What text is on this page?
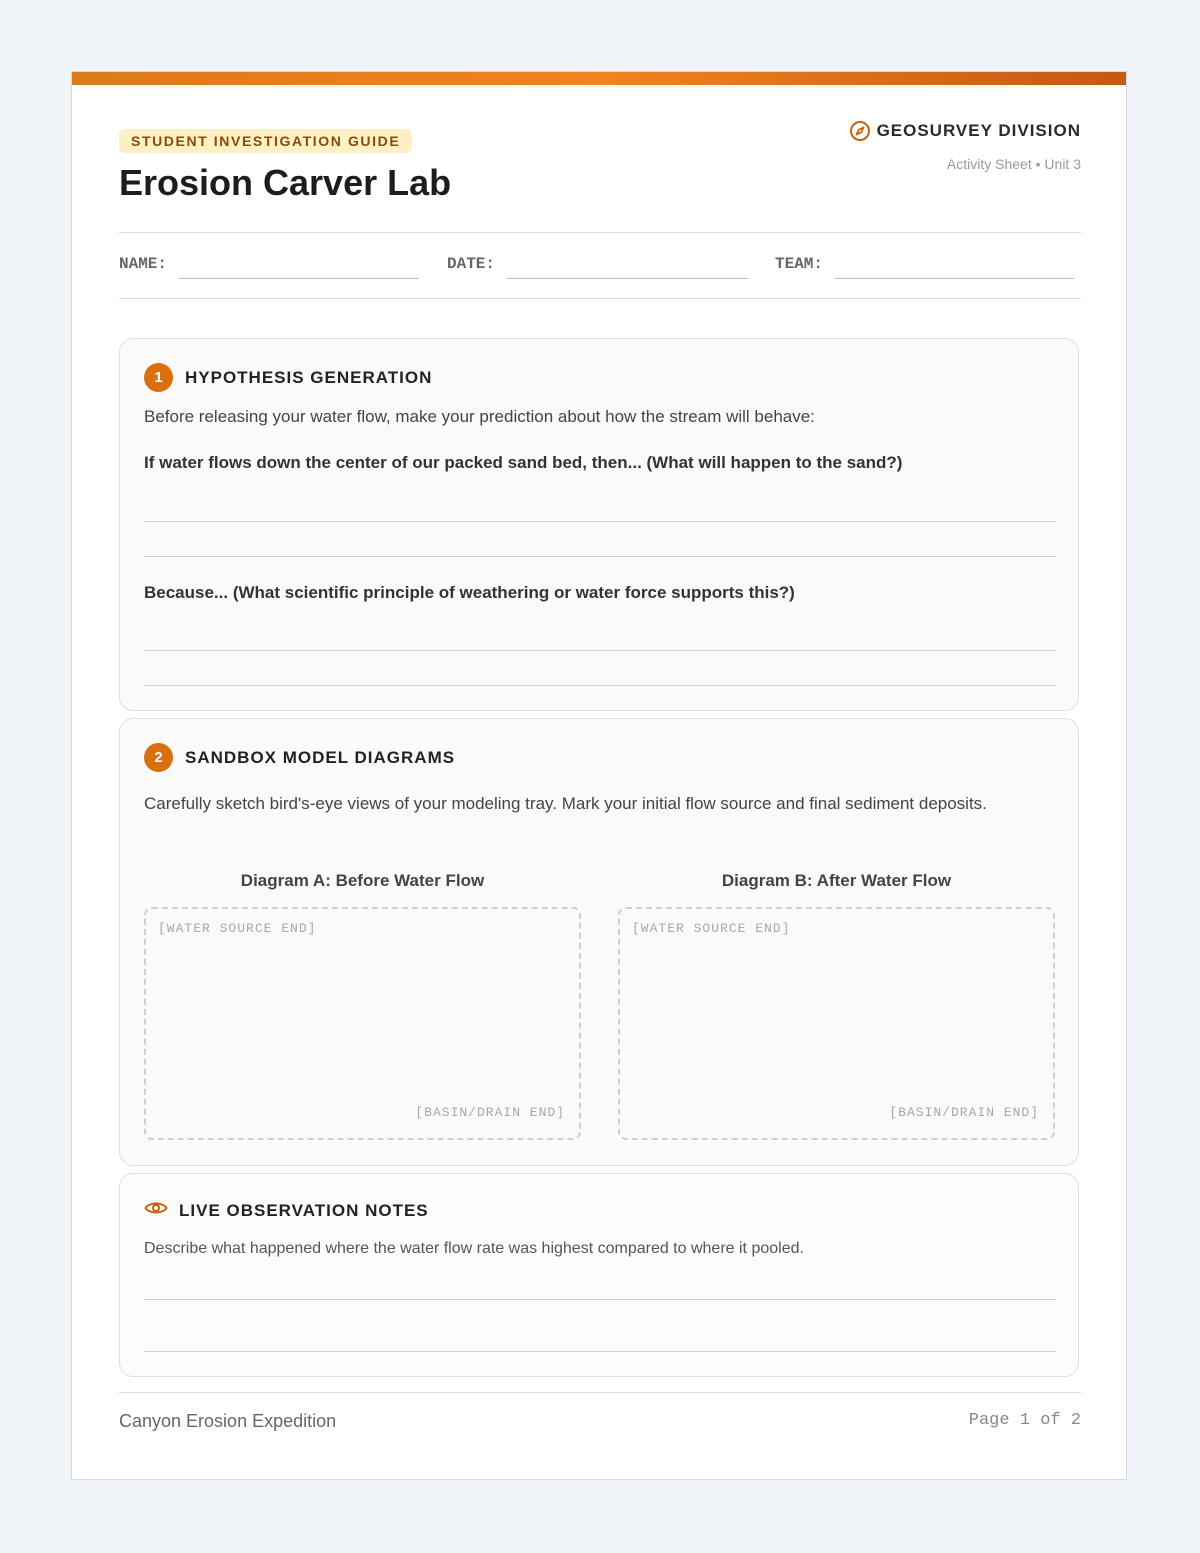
STUDENT INVESTIGATION GUIDE
Erosion Carver Lab
GEOSURVEY DIVISION
Activity Sheet • Unit 3
NAME:	DATE:	TEAM:
1	HYPOTHESIS GENERATION
Before releasing your water flow, make your prediction about how the stream will behave:
If water flows down the center of our packed sand bed, then... (What will happen to the sand?)
Because... (What scientific principle of weathering or water force supports this?)
2	SANDBOX MODEL DIAGRAMS
Carefully sketch bird's-eye views of your modeling tray. Mark your initial flow source and final sediment deposits.
Diagram A: Before Water Flow	Diagram B: After Water Flow
[WATER SOURCE END]
[BASIN/DRAIN END]
[WATER SOURCE END]
[BASIN/DRAIN END]
LIVE OBSERVATION NOTES
Describe what happened where the water flow rate was highest compared to where it pooled.
Canyon Erosion Expedition	Page 1 of 2
